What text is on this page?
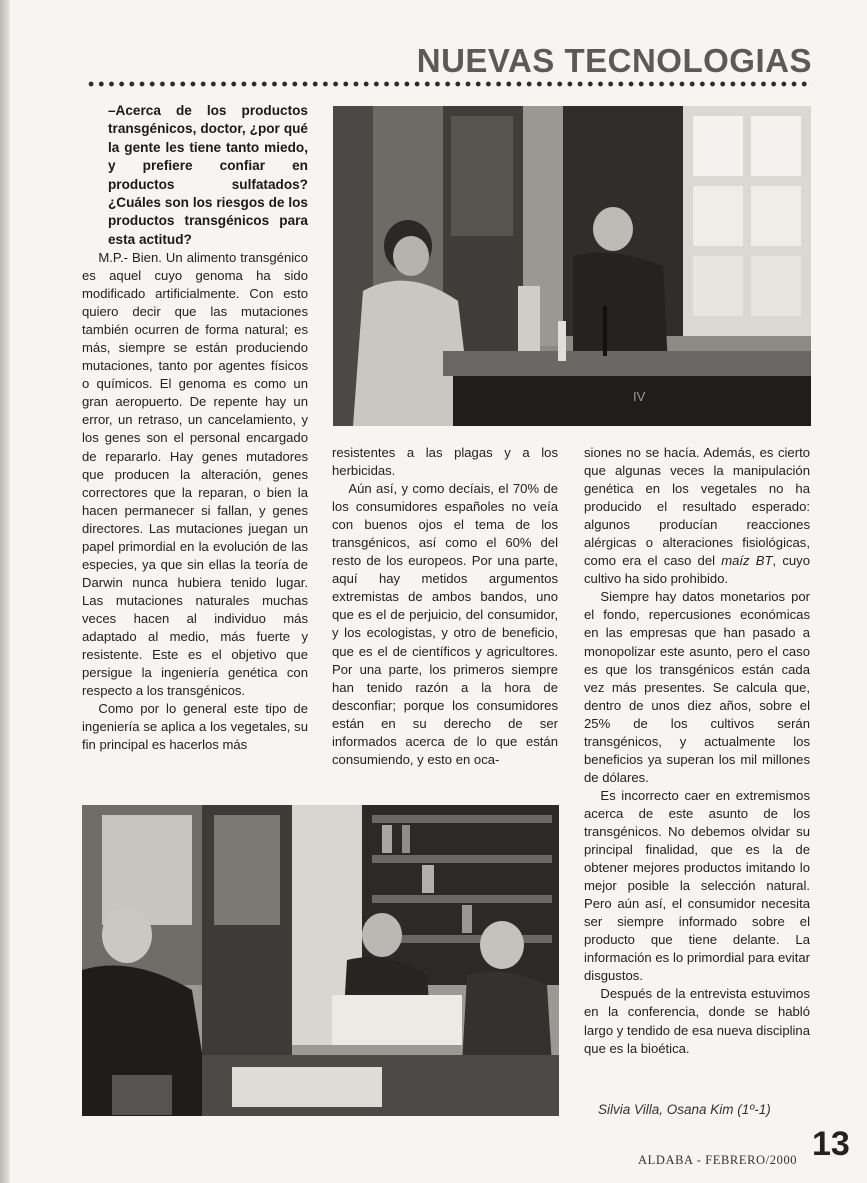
NUEVAS TECNOLOGIAS

–Acerca de los productos transgénicos, doctor, ¿por qué la gente les tiene tanto miedo, y prefiere confiar en productos sulfatados? ¿Cuáles son los riesgos de los productos transgénicos para esta actitud?

IV

M.P.- Bien. Un alimento transgénico es aquel cuyo genoma ha sido modificado artificialmente. Con esto quiero decir que las mutaciones también ocurren de forma natural; es más, siempre se están produciendo mutaciones, tanto por agentes físicos o químicos. El genoma es como un gran aeropuerto. De repente hay un error, un retraso, un cancelamiento, y los genes son el personal encargado de repararlo. Hay genes mutadores que producen la alteración, genes correctores que la reparan, o bien la hacen permanecer si fallan, y genes directores. Las mutaciones juegan un papel primordial en la evolución de las especies, ya que sin ellas la teoría de Darwin nunca hubiera tenido lugar. Las mutaciones naturales muchas veces hacen al individuo más adaptado al medio, más fuerte y resistente. Este es el objetivo que persigue la ingeniería genética con respecto a los transgénicos.

Como por lo general este tipo de ingeniería se aplica a los vegetales, su fin principal es hacerlos más

resistentes a las plagas y a los herbicidas.

Aún así, y como decíais, el 70% de los consumidores españoles no veía con buenos ojos el tema de los transgénicos, así como el 60% del resto de los europeos. Por una parte, aquí hay metidos argumentos extremistas de ambos bandos, uno que es el de perjuicio, del consumidor, y los ecologistas, y otro de beneficio, que es el de científicos y agricultores. Por una parte, los primeros siempre han tenido razón a la hora de desconfiar; porque los consumidores están en su derecho de ser informados acerca de lo que están consumiendo, y esto en oca-

siones no se hacía. Además, es cierto que algunas veces la manipulación genética en los vegetales no ha producido el resultado esperado: algunos producían reacciones alérgicas o alteraciones fisiológicas, como era el caso del maíz BT, cuyo cultivo ha sido prohibido.

Siempre hay datos monetarios por el fondo, repercusiones económicas en las empresas que han pasado a monopolizar este asunto, pero el caso es que los transgénicos están cada vez más presentes. Se calcula que, dentro de unos diez años, sobre el 25% de los cultivos serán transgénicos, y actualmente los beneficios ya superan los mil millones de dólares.

Es incorrecto caer en extremismos acerca de este asunto de los transgénicos. No debemos olvidar su principal finalidad, que es la de obtener mejores productos imitando lo mejor posible la selección natural. Pero aún así, el consumidor necesita ser siempre informado sobre el producto que tiene delante. La información es lo primordial para evitar disgustos.

Después de la entrevista estuvimos en la conferencia, donde se habló largo y tendido de esa nueva disciplina que es la bioética.

Silvia Villa, Osana Kim (1º-1)

13

ALDABA - FEBRERO/2000
